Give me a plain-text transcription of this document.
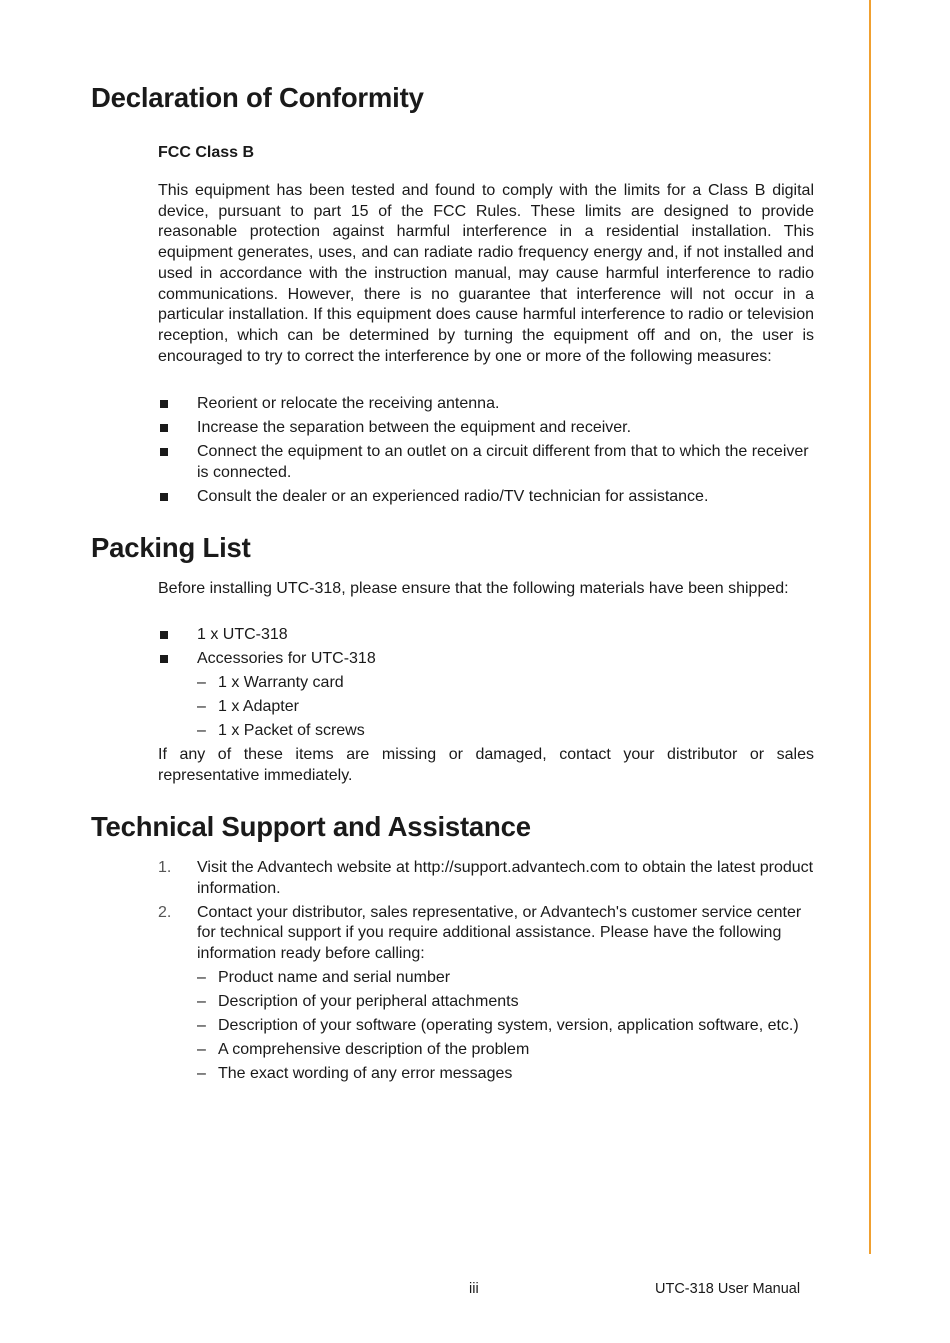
Declaration of Conformity
FCC Class B

This equipment has been tested and found to comply with the limits for a Class B digital device, pursuant to part 15 of the FCC Rules. These limits are designed to provide reasonable protection against harmful interference in a residential installation. This equipment generates, uses, and can radiate radio frequency energy and, if not installed and used in accordance with the instruction manual, may cause harmful interference to radio communications. However, there is no guarantee that interference will not occur in a particular installation. If this equipment does cause harmful interference to radio or television reception, which can be determined by turning the equipment off and on, the user is encouraged to try to correct the interference by one or more of the following measures:

Reorient or relocate the receiving antenna.
Increase the separation between the equipment and receiver.
Connect the equipment to an outlet on a circuit different from that to which the receiver is connected.
Consult the dealer or an experienced radio/TV technician for assistance.
Packing List

Before installing UTC-318, please ensure that the following materials have been shipped:

1 x UTC-318
Accessories for UTC-318
– 1 x Warranty card
– 1 x Adapter
– 1 x Packet of screws

If any of these items are missing or damaged, contact your distributor or sales representative immediately.

Technical Support and Assistance
1. Visit the Advantech website at http://support.advantech.com to obtain the latest product information.
2. Contact your distributor, sales representative, or Advantech's customer service center for technical support if you require additional assistance. Please have the following information ready before calling:
– Product name and serial number
– Description of your peripheral attachments
– Description of your software (operating system, version, application software, etc.)
– A comprehensive description of the problem
– The exact wording of any error messages
iii	UTC-318 User Manual
